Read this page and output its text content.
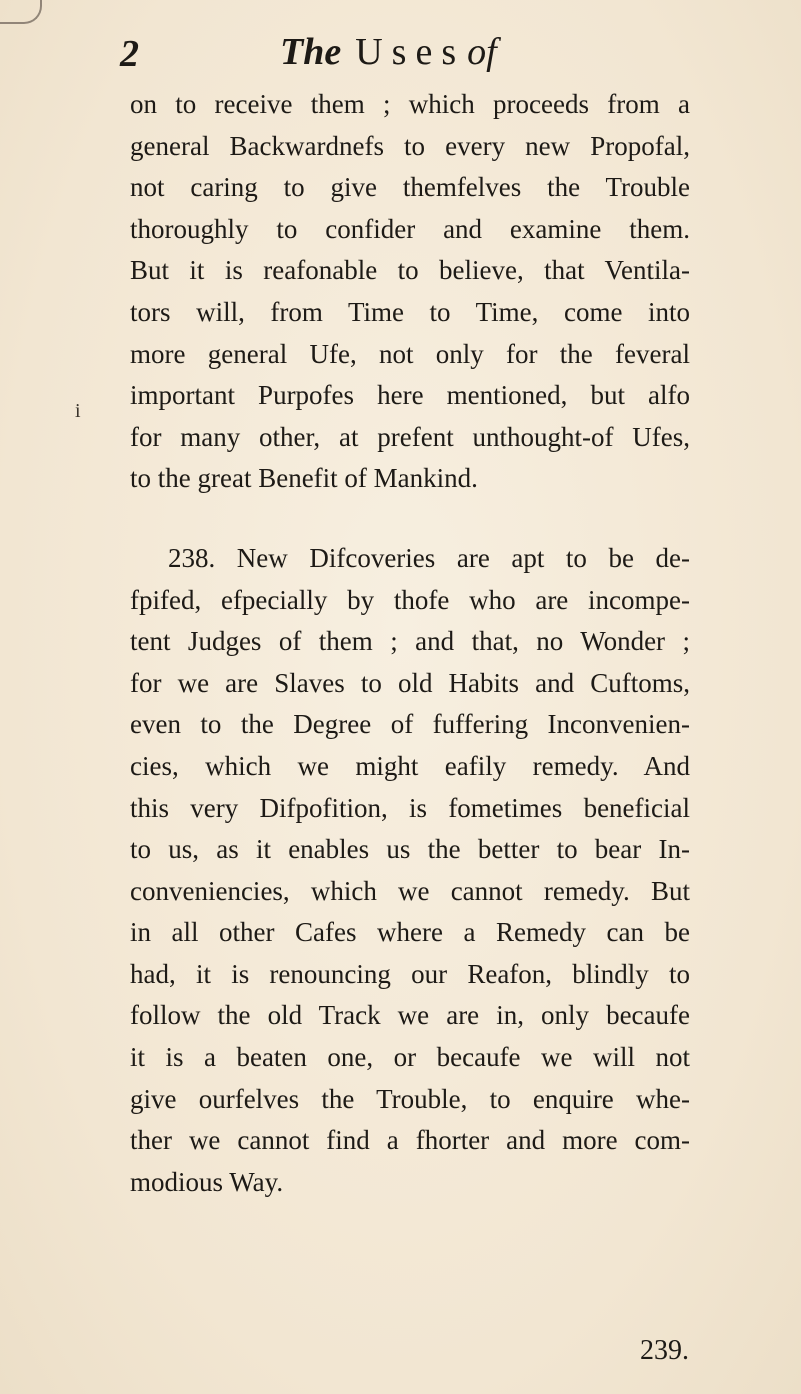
2	The Usesof
i
on to receive them ; which proceeds from a
general Backwardnefs to every new Propofal,
not caring to give themfelves the Trouble
thoroughly to confider and examine them.
But it is reafonable to believe, that Ventila-
tors will, from Time to Time, come into
more general Ufe, not only for the feveral
important Purpofes here mentioned, but alfo
for many other, at prefent unthought-of Ufes,
to the great Benefit of Mankind.
238. New Difcoveries are apt to be de-
fpifed, efpecially by thofe who are incompe-
tent Judges of them ; and that, no Wonder ;
for we are Slaves to old Habits and Cuftoms,
even to the Degree of fuffering Inconvenien-
cies, which we might eafily remedy. And
this very Difpofition, is fometimes beneficial
to us, as it enables us the better to bear In-
conveniencies, which we cannot remedy. But
in all other Cafes where a Remedy can be
had, it is renouncing our Reafon, blindly to
follow the old Track we are in, only becaufe
it is a beaten one, or becaufe we will not
give ourfelves the Trouble, to enquire whe-
ther we cannot find a fhorter and more com-
modious Way.
239.
